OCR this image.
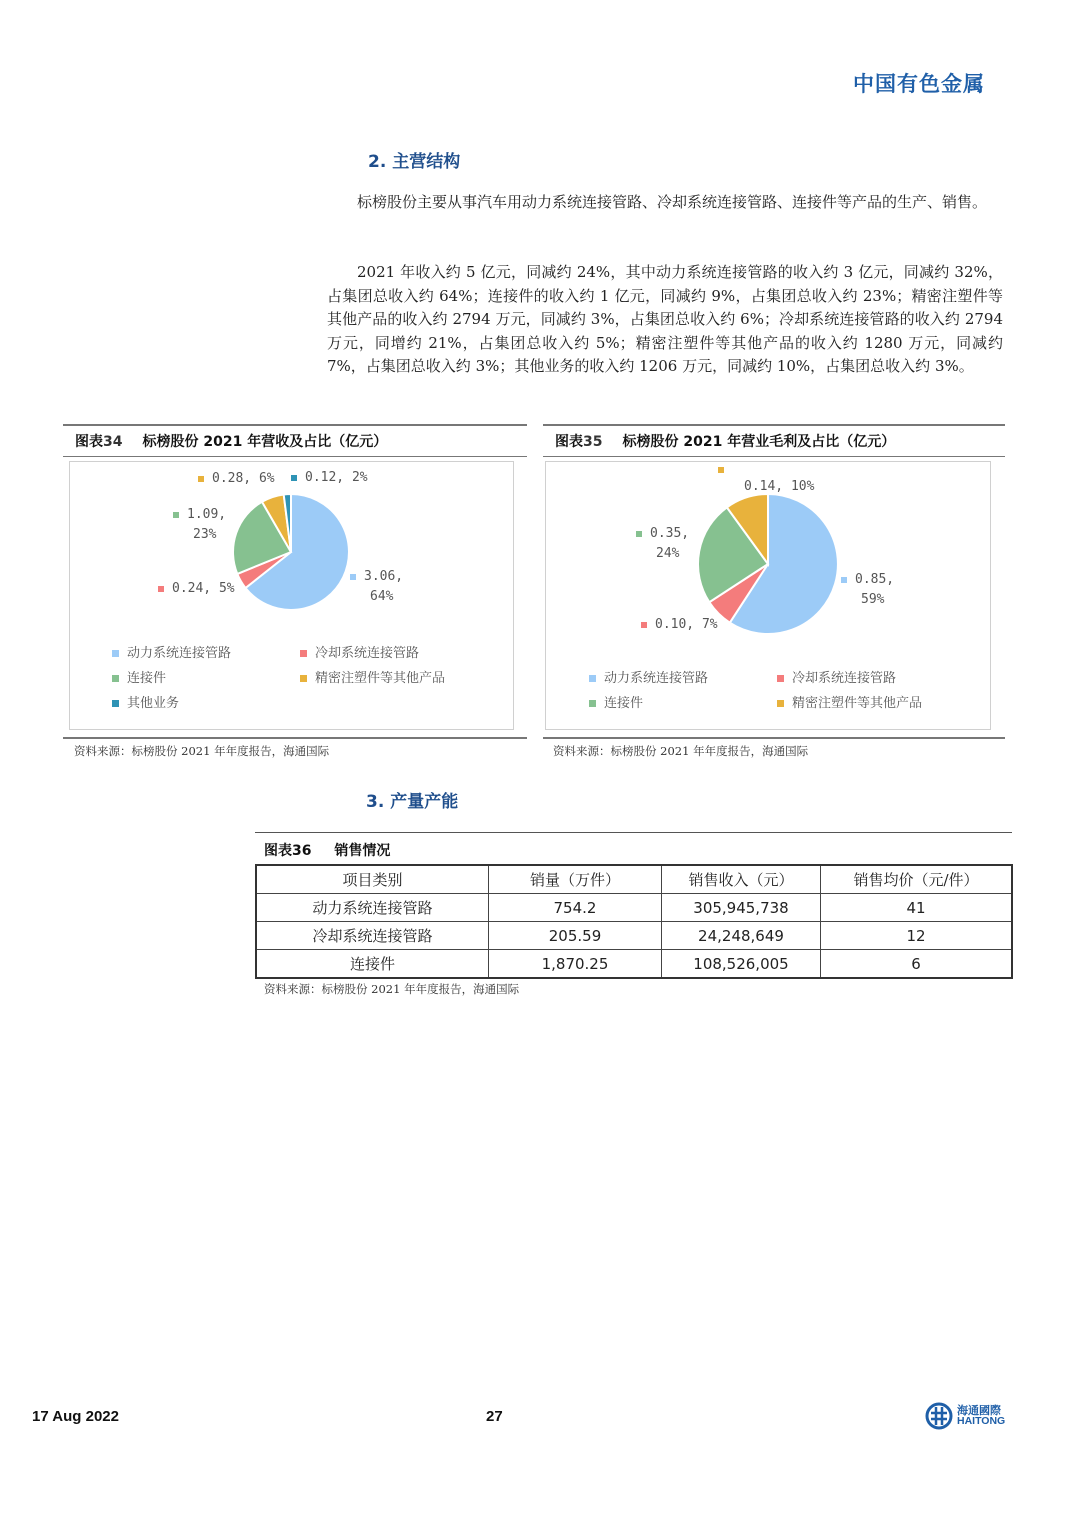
中国有色金属
2. 主营结构
标榜股份主要从事汽车用动力系统连接管路、冷却系统连接管路、连接件等产品的生产、销售。
2021 年收入约 5 亿元，同减约 24%，其中动力系统连接管路的收入约 3 亿元，同减约 32%，占集团总收入约 64%；连接件的收入约 1 亿元，同减约 9%，占集团总收入约 23%；精密注塑件等其他产品的收入约 2794 万元，同减约 3%，占集团总收入约 6%；冷却系统连接管路的收入约 2794 万元，同增约 21%，占集团总收入约 5%；精密注塑件等其他产品的收入约 1280 万元，同减约 7%，占集团总收入约 3%；其他业务的收入约 1206 万元，同减约 10%，占集团总收入约 3%。
图表34 标榜股份 2021 年营收及占比（亿元）
3.06,
64%
0.24, 5%
1.09,
23%
0.28, 6%	0.12, 2%
动力系统连接管路	冷却系统连接管路
连接件	精密注塑件等其他产品
其他业务
资料来源：标榜股份 2021 年年度报告，海通国际
图表35 标榜股份 2021 年营业毛利及占比（亿元）
0.85,
59%
0.10, 7%
0.35,
24%
0.14, 10%
动力系统连接管路	冷却系统连接管路
连接件	精密注塑件等其他产品
资料来源：标榜股份 2021 年年度报告，海通国际
3. 产量产能
图表36 销售情况
项目类别	销量（万件）	销售收入（元）	销售均价（元/件）
动力系统连接管路	754.2	305,945,738	41
冷却系统连接管路	205.59	24,248,649	12
连接件	1,870.25	108,526,005	6
资料来源：标榜股份 2021 年年度报告，海通国际
17 Aug 2022	27	海通國際
HAITONG
